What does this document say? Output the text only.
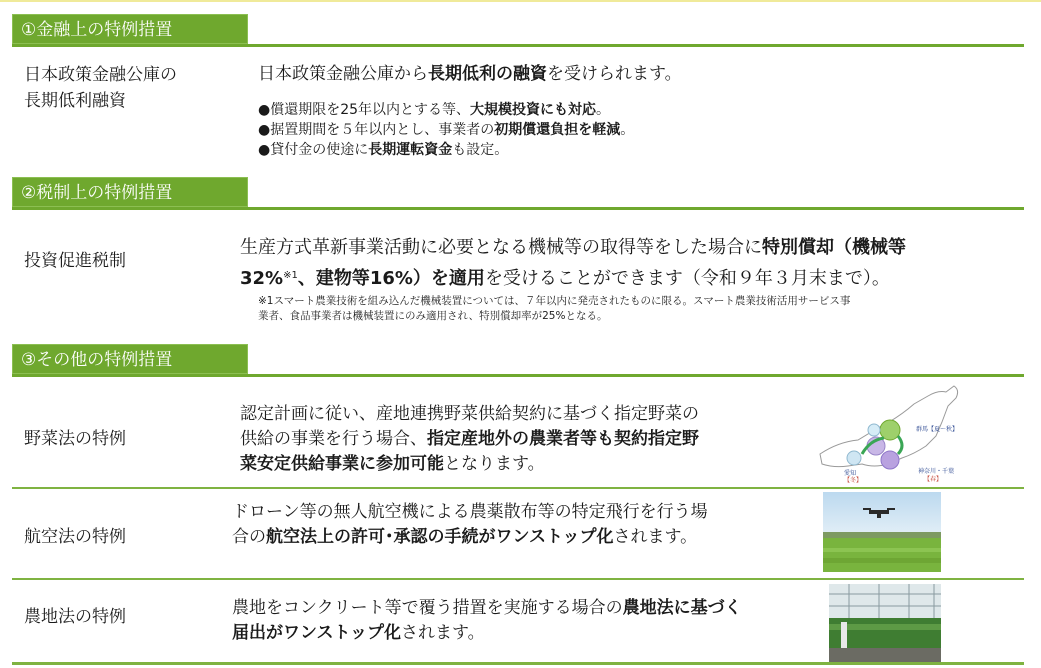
①金融上の特例措置
日本政策金融公庫の
長期低利融資
日本政策金融公庫から長期低利の融資を受けられます。
●償還期限を25年以内とする等、大規模投資にも対応。
●据置期間を５年以内とし、事業者の初期償還負担を軽減。
●貸付金の使途に長期運転資金も設定。
②税制上の特例措置
投資促進税制
生産方式革新事業活動に必要となる機械等の取得等をした場合に特別償却（機械等
32%$^{※1}$、建物等16%）を適用を受けることができます（令和９年３月末まで）。
※1スマート農業技術を組み込んだ機械装置については、７年以内に発売されたものに限る。スマート農業技術活用サービス事
業者、食品事業者は機械装置にのみ適用され、特別償却率が25%となる。
③その他の特例措置
野菜法の特例
認定計画に従い、産地連携野菜供給契約に基づく指定野菜の
供給の事業を行う場合、指定産地外の農業者等も契約指定野
菜安定供給事業に参加可能となります。
群馬【夏～秋】
神奈川・千葉
【春】
愛知
【冬】
航空法の特例
ドローン等の無人航空機による農薬散布等の特定飛行を行う場
合の航空法上の許可･承認の手続がワンストップ化されます。
農地法の特例	農地をコンクリート等で覆う措置を実施する場合の農地法に基づく
届出がワンストップ化されます。
